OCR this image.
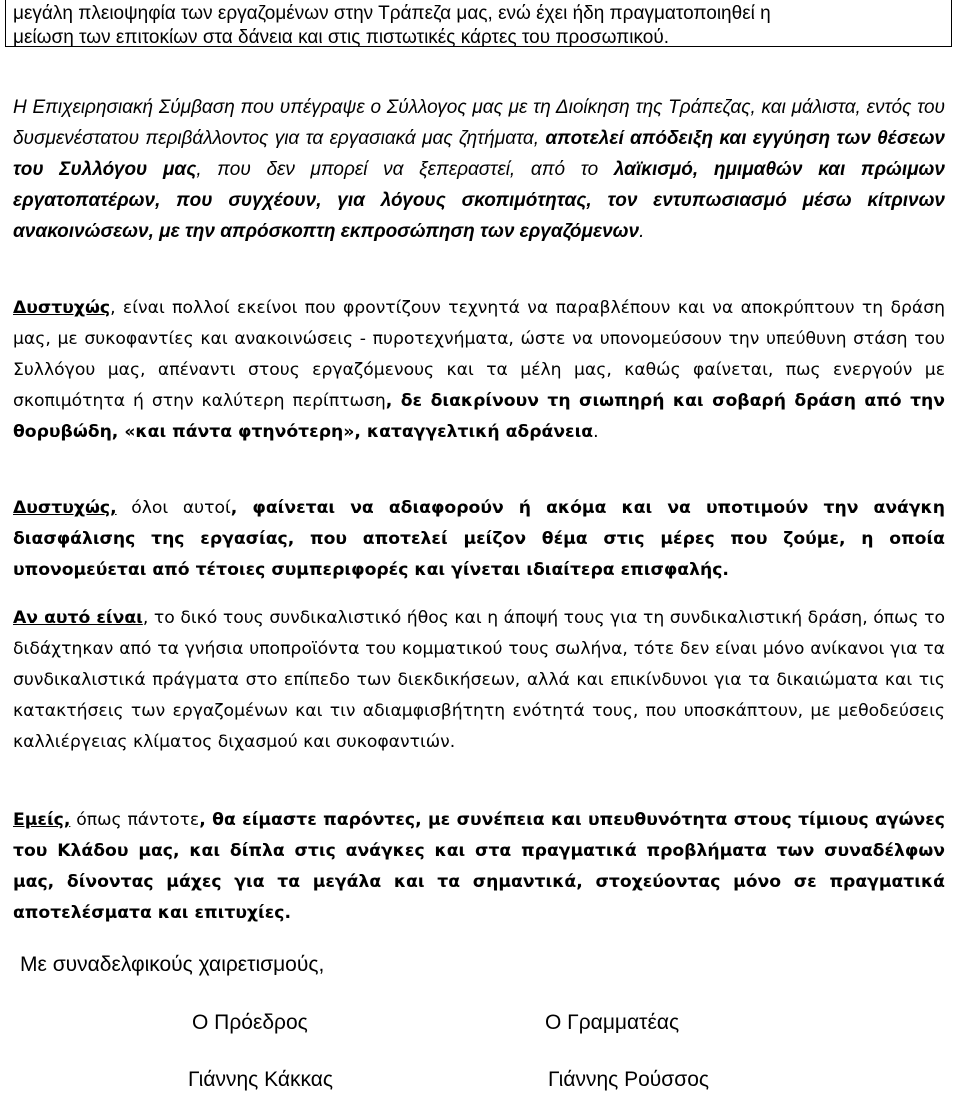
μεγάλη πλειοψηφία των εργαζομένων στην Τράπεζα μας, ενώ έχει ήδη πραγματοποιηθεί η
μείωση των επιτοκίων στα δάνεια και στις πιστωτικές κάρτες του προσωπικού.
Η Επιχειρησιακή Σύμβαση που υπέγραψε ο Σύλλογος μας με τη Διοίκηση της Τράπεζας, και μάλιστα, εντός του δυσμενέστατου περιβάλλοντος για τα εργασιακά μας ζητήματα, αποτελεί απόδειξη και εγγύηση των θέσεων του Συλλόγου μας, που δεν μπορεί να ξεπεραστεί, από το λαϊκισμό, ημιμαθών και πρώιμων εργατοπατέρων, που συγχέουν, για λόγους σκοπιμότητας, τον εντυπωσιασμό μέσω κίτρινων ανακοινώσεων, με την απρόσκοπτη εκπροσώπηση των εργαζόμενων.
Δυστυχώς, είναι πολλοί εκείνοι που φροντίζουν τεχνητά να παραβλέπουν και να αποκρύπτουν τη δράση μας, με συκοφαντίες και ανακοινώσεις - πυροτεχνήματα, ώστε να υπονομεύσουν την υπεύθυνη στάση του Συλλόγου μας, απέναντι στους εργαζόμενους και τα μέλη μας, καθώς φαίνεται, πως ενεργούν με σκοπιμότητα ή στην καλύτερη περίπτωση, δε διακρίνουν τη σιωπηρή και σοβαρή δράση από την θορυβώδη, «και πάντα φτηνότερη», καταγγελτική αδράνεια.
Δυστυχώς, όλοι αυτοί, φαίνεται να αδιαφορούν ή ακόμα και να υποτιμούν την ανάγκη διασφάλισης της εργασίας, που αποτελεί μείζον θέμα στις μέρες που ζούμε, η οποία υπονομεύεται από τέτοιες συμπεριφορές και γίνεται ιδιαίτερα επισφαλής.
Αν αυτό είναι, το δικό τους συνδικαλιστικό ήθος και η άποψή τους για τη συνδικαλιστική δράση, όπως το διδάχτηκαν από τα γνήσια υποπροϊόντα του κομματικού τους σωλήνα, τότε δεν είναι μόνο ανίκανοι για τα συνδικαλιστικά πράγματα στο επίπεδο των διεκδικήσεων, αλλά και επικίνδυνοι για τα δικαιώματα και τις κατακτήσεις των εργαζομένων και τιν αδιαμφισβήτητη ενότητά τους, που υποσκάπτουν, με μεθοδεύσεις καλλιέργειας κλίματος διχασμού και συκοφαντιών.
Εμείς, όπως πάντοτε, θα είμαστε παρόντες, με συνέπεια και υπευθυνότητα στους τίμιους αγώνες του Κλάδου μας, και δίπλα στις ανάγκες και στα πραγματικά προβλήματα των συναδέλφων μας, δίνοντας μάχες για τα μεγάλα και τα σημαντικά, στοχεύοντας μόνο σε πραγματικά αποτελέσματα και επιτυχίες.
Με συναδελφικούς χαιρετισμούς,
Ο Πρόεδρος	Ο Γραμματέας
Γιάννης Κάκκας	Γιάννης Ρούσσος
